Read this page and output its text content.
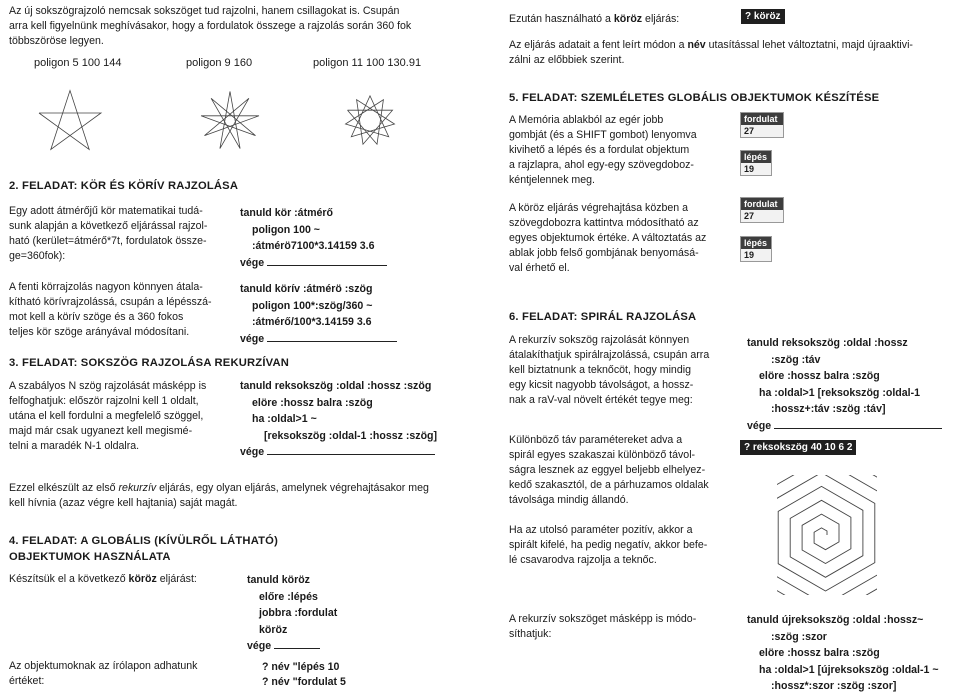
Az új sokszögrajzoló nemcsak sokszöget tud rajzolni, hanem csillagokat is. Csupán
arra kell figyelnünk meghívásakor, hogy a fordulatok összege a rajzolás során 360 fok
többszöröse legyen.
poligon 5 100 144	poligon 9 160	poligon 11 100 130.91
2. FELADAT: KÖR ÉS KÖRÍV RAJZOLÁSA
Egy adott átmérőjű kör matematikai tudá-
sunk alapján a következő eljárással rajzol-
ható (kerület=átmérő*7t, fordulatok össze-
ge=360fok):
tanuld kör :átmérő
poligon 100 ~
:átmérö7100*3.14159 3.6
vége
A fenti körrajzolás nagyon könnyen átala-
kítható körívrajzolássá, csupán a lépésszá-
mot kell a körív szöge és a 360 fokos
teljes kör szöge arányával módosítani.
tanuld körív :átmérö :szög
poligon 100*:szög/360 ~
:átmérő/100*3.14159 3.6
vége
3. FELADAT: SOKSZÖG RAJZOLÁSA REKURZÍVAN
A szabályos N szög rajzolását másképp is
felfoghatjuk: először rajzolni kell 1 oldalt,
utána el kell fordulni a megfelelő szöggel,
majd már csak ugyanezt kell megismé-
telni a maradék N-1 oldalra.
tanuld reksokszög :oldal :hossz :szög
elöre :hossz balra :szög
ha :oldal>1 ~
[reksokszög :oldal-1 :hossz :szög]
vége
Ezzel elkészült az első rekurzív eljárás, egy olyan eljárás, amelynek végrehajtásakor meg
kell hívnia (azaz végre kell hajtania) saját magát.
4. FELADAT: A GLOBÁLIS (KÍVÜLRŐL LÁTHATÓ)
OBJEKTUMOK HASZNÁLATA
Készítsük el a következő köröz eljárást:	tanuld köröz
előre :lépés
jobbra :fordulat
köröz
vége
Az objektumoknak az írólapon adhatunk
értéket:
? név "lépés 10
? név "fordulat 5
Ezután használható a köröz eljárás:	? köröz
Az eljárás adatait a fent leírt módon a név utasítással lehet változtatni, majd újraaktivi-
zálni az előbbiek szerint.
5. FELADAT: SZEMLÉLETES GLOBÁLIS OBJEKTUMOK KÉSZÍTÉSE
A Memória ablakból az egér jobb
gombját (és a SHIFT gombot) lenyomva
kivihető a lépés és a fordulat objektum
a rajzlapra, ahol egy-egy szövegdoboz-
kéntjelennek meg.
fordulat
27
lépés
19
A köröz eljárás végrehajtása közben a
szövegdobozra kattintva módosítható az
egyes objektumok értéke. A változtatás az
ablak jobb felső gombjának benyomásá-
val érhető el.
fordulat
27
lépés
19
6. FELADAT: SPIRÁL RAJZOLÁSA
A rekurzív sokszög rajzolását könnyen
átalakíthatjuk spirálrajzolássá, csupán arra
kell biztatnunk a teknőcöt, hogy mindig
egy kicsit nagyobb távolságot, a hossz-
nak a raV-val növelt értékét tegye meg:
tanuld reksokszög :oldal :hossz
:szög :táv
elöre :hossz balra :szög
ha :oldal>1 [reksokszög :oldal-1
:hossz+:táv :szög :táv]
vége
? reksokszög 40 10 6 2
Különböző táv paramétereket adva a
spirál egyes szakaszai különböző távol-
ságra lesznek az eggyel beljebb elhelyez-
kedő szakasztól, de a párhuzamos oldalak
távolsága mindig állandó.
Ha az utolsó paraméter pozitív, akkor a
spirált kifelé, ha pedig negatív, akkor befe-
lé csavarodva rajzolja a teknőc.
A rekurzív sokszöget másképp is módo-
síthatjuk:
tanuld újreksokszög :oldal :hossz~
:szög :szor
elöre :hossz balra :szög
ha :oldal>1 [újreksokszög :oldal-1 ~
:hossz*:szor :szög :szor]
